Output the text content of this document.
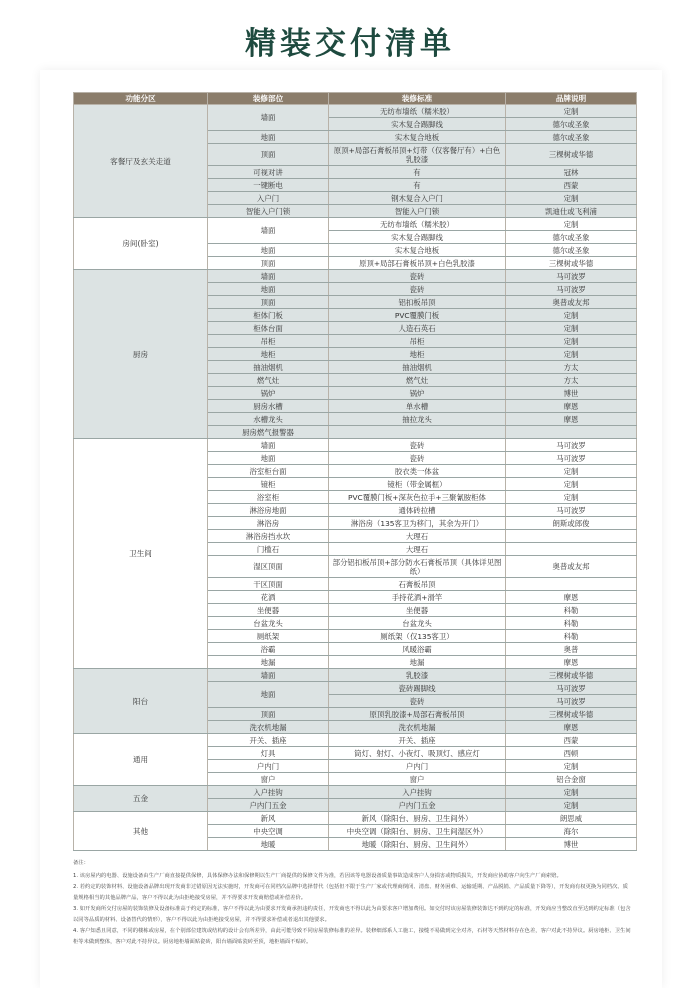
精装交付清单
功能分区	装修部位	装修标准	品牌说明
客餐厅及玄关走道	墙面	无纺布墙纸（糯米胶）	定制
		实木复合踢脚线	德尔或圣象
	地面	实木复合地板	德尔或圣象
	顶面	原顶+局部石膏板吊顶+灯带（仅客餐厅有）+白色乳胶漆	三棵树或华德
	可视对讲	有	冠林
	一键断电	有	西蒙
	入户门	钢木复合入户门	定制
	智能入户门锁	智能入户门锁	凯迪仕或飞利浦
房间(卧室)	墙面	无纺布墙纸（糯米胶）	定制
		实木复合踢脚线	德尔或圣象
	地面	实木复合地板	德尔或圣象
	顶面	原顶+局部石膏板吊顶+白色乳胶漆	三棵树或华德
厨房	墙面	瓷砖	马可波罗
	地面	瓷砖	马可波罗
	顶面	铝扣板吊顶	奥普或友邦
	柜体门板	PVC覆膜门板	定制
	柜体台面	人造石英石	定制
	吊柜	吊柜	定制
	地柜	地柜	定制
	抽油烟机	抽油烟机	方太
	燃气灶	燃气灶	方太
	锅炉	锅炉	博世
	厨房水槽	单水槽	摩恩
	水槽龙头	抽拉龙头	摩恩
	厨房燃气报警器		
卫生间	墙面	瓷砖	马可波罗
	地面	瓷砖	马可波罗
	浴室柜台面	胶衣类一体盆	定制
	镜柜	镜柜（带金属框）	定制
	浴室柜	PVC覆膜门板+深灰色拉手+三聚氰胺柜体	定制
	淋浴房地面	通体砖拉槽	马可波罗
	淋浴房	淋浴房（135客卫为移门，其余为开门）	朗斯或郎俊
	淋浴房挡水坎	大理石	
	门槛石	大理石	
	湿区顶面	部分铝扣板吊顶+部分防水石膏板吊顶（具体详见图纸）	奥普或友邦
	干区顶面	石膏板吊顶	
	花洒	手持花洒+滑竿	摩恩
	坐便器	坐便器	科勒
	台盆龙头	台盆龙头	科勒
	厕纸架	厕纸架（仅135客卫）	科勒
	浴霸	风暖浴霸	奥普
	地漏	地漏	摩恩
阳台	墙面	乳胶漆	三棵树或华德
	地面	瓷砖踢脚线	马可波罗
		瓷砖	马可波罗
	顶面	原顶乳胶漆+局部石膏板吊顶	三棵树或华德
	洗衣机地漏	洗衣机地漏	摩恩
通用	开关、插座	开关、插座	西蒙
	灯具	筒灯、射灯、小夜灯、吸顶灯、感应灯	西顿
	户内门	户内门	定制
	窗户	窗户	铝合金窗
五金	入户挂钩	入户挂钩	定制
	户内门五金	户内门五金	定制
其他	新风	新风（除阳台、厨房、卫生间外）	朗思威
	中央空调	中央空调（除阳台、厨房、卫生间湿区外）	海尔
	地暖	地暖（除阳台、厨房、卫生间外）	博世

备注：

1. 该房屋内的电器、设施设备由生产厂商直接提供保修，具体保修办法和保修期以生产厂商提供的保修文件为准，若因该等电器设备质量事故造成客户人身损害或物质损失，开发商应协助客户向生产厂商索赔。

2. 若约定的装饰材料、设施设备品牌出现开发商非过错原因无法实施时，开发商可在同档次品牌中选择替代（包括但不限于生产厂家或代理商倒闭、清盘、财务困难、运输延期、产品脱销、产品质量下降等），开发商有权更换为同档次、质量规格相当的其他品牌产品，客户不得以此为由拒绝接受房屋，并不得要求开发商赔偿或补偿差价。

3. 如开发商所交付房屋的装饰装修及设备标准高于约定的标准，客户不得以此为由要求开发商承担违约责任，开发商也不得以此为由要求客户增加费用。如交付时该房屋装修装饰达不到约定的标准，开发商应当整改直至达到约定标准（包含以同等品质的材料、设备替代的情形），客户不得以此为由拒绝接受房屋，并不得要求补偿或者退出其他要求。

4. 客户知悉且同意，不同的楼栋或房屋，在个别部位建筑或结构的设计会有所差异，由此可能导致不同房屋装修标准的差异。装修细部系人工施工，接缝不易做到完全对齐，石材等天然材料存在色差，客户对此不持异议。厨房地柜、卫生间柜等未做到整体，客户对此不持异议。厨房地柜墙面贴瓷砖，阳台墙面贴瓷砖至顶，地柜墙面不贴砖。
